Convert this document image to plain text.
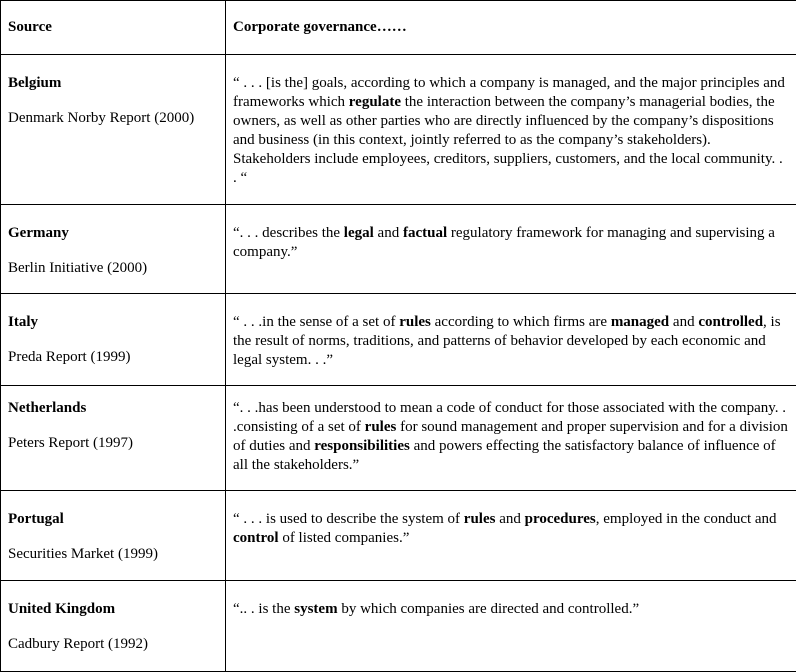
Source	Corporate governance……

Belgium
Denmark Norby Report (2000)	“ . . . [is the] goals, according to which a company is managed, and the major principles and frameworks which regulate the interaction between the company’s managerial bodies, the owners, as well as other parties who are directly influenced by the company’s dispositions and business (in this context, jointly referred to as the company’s stakeholders). Stakeholders include employees, creditors, suppliers, customers, and the local community. . . “

Germany
Berlin Initiative (2000)	“. . . describes the legal and factual regulatory framework for managing and supervising a company.”

Italy
Preda Report (1999)	“ . . .in the sense of a set of rules according to which firms are managed and controlled, is the result of norms, traditions, and patterns of behavior developed by each economic and legal system. . .”

Netherlands
Peters Report (1997)	“. . .has been understood to mean a code of conduct for those associated with the company. . .consisting of a set of rules for sound management and proper supervision and for a division of duties and responsibilities and powers effecting the satisfactory balance of influence of all the stakeholders.”

Portugal
Securities Market (1999)	“ . . . is used to describe the system of rules and procedures, employed in the conduct and control of listed companies.”

United Kingdom
Cadbury Report (1992)	“.. . is the system by which companies are directed and controlled.”
